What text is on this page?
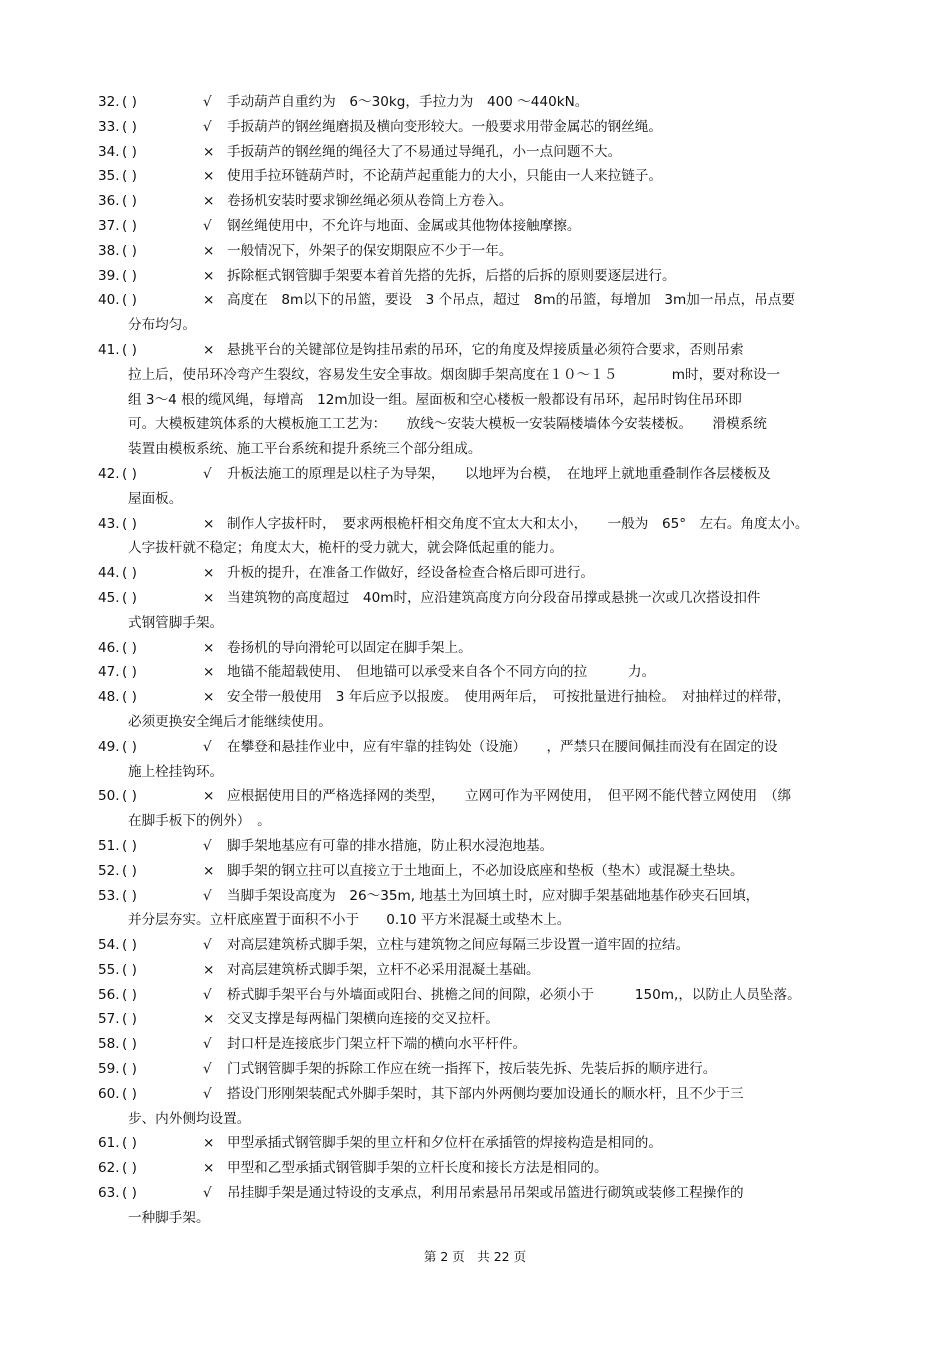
32. ( )	√ 手动葫芦自重约为　6～30kg，手拉力为　400 ～440kN。
33. ( )	√ 手扳葫芦的钢丝绳磨损及横向变形较大。一般要求用带金属芯的钢丝绳。
34. ( )	× 手扳葫芦的钢丝绳的绳径大了不易通过导绳孔，小一点问题不大。
35. ( )	× 使用手拉环链葫芦时，不论葫芦起重能力的大小，只能由一人来拉链子。
36. ( )	× 卷扬机安装时要求铆丝绳必须从卷筒上方卷入。
37. ( )	√ 钢丝绳使用中，不允许与地面、金属或其他物体接触摩擦。
38. ( )	× 一般情况下，外架子的保安期限应不少于一年。
39. ( )	× 拆除框式钢管脚手架要本着首先搭的先拆，后搭的后拆的原则要逐层进行。
40. ( )	× 高度在　8m以下的吊篮，要设　3 个吊点，超过　8m的吊篮，每增加　3m加一吊点，吊点要
分布均匀。
41. ( )	× 悬挑平台的关键部位是钩挂吊索的吊环，它的角度及焊接质量必须符合要求，否则吊索
拉上后，使吊环冷弯产生裂纹，容易发生安全事故。烟囱脚手架高度在１０～１５　　　　m时，要对称设一
组 3～4 根的缆风绳，每增高　12m加设一组。屋面板和空心楼板一般都设有吊环，起吊时钩住吊环即
可。大模板建筑体系的大模板施工工艺为：　　放线～安装大模板一安装隔楼墙体今安装楼板。　　滑模系统
装置由模板系统、施工平台系统和提升系统三个部分组成。
42. ( )	√ 升板法施工的原理是以柱子为导架，　　以地坪为台模，　在地坪上就地重叠制作各层楼板及
屋面板。
43. ( )	× 制作人字拔杆时，　要求两根桅杆相交角度不宜太大和太小，　　一般为　65°　左右。角度太小。
人字拔杆就不稳定；角度太大，桅杆的受力就大，就会降低起重的能力。
44. ( )	× 升板的提升，在准备工作做好，经设备检查合格后即可进行。
45. ( )	× 当建筑物的高度超过　40m时，应沿建筑高度方向分段奋吊撑或悬挑一次或几次搭设扣件
式钢管脚手架。
46. ( )	× 卷扬机的导向滑轮可以固定在脚手架上。
47. ( )	× 地锚不能超载使用、　但地锚可以承受来自各个不同方向的拉　　　力。
48. ( )	× 安全带一般使用　3 年后应予以报废。　使用两年后，　可按批量进行抽检。　对抽样过的样带，
必须更换安全绳后才能继续使用。
49. ( )	√ 在攀登和悬挂作业中，应有牢靠的挂钩处（设施）　　，严禁只在腰间佩挂而没有在固定的设
施上栓挂钩环。
50. ( )	× 应根据使用目的严格选择网的类型，　　立网可作为平网使用，　但平网不能代替立网使用　（绑
在脚手板下的例外）　。
51. ( )	√ 脚手架地基应有可靠的排水措施，防止积水浸泡地基。
52. ( )	× 脚手架的钢立拄可以直接立于土地面上，不必加设底座和垫板（垫木）或混凝土垫块。
53. ( )	√ 当脚手架设高度为　26～35m, 地基土为回填土时，应对脚手架基础地基作砂夹石回填，
并分层夯实。立杆底座置于面积不小于　　0.10 平方米混凝土或垫木上。
54. ( )	√ 对高层建筑桥式脚手架，立柱与建筑物之间应每隔三步设置一道牢固的拉结。
55. ( )	× 对高层建筑桥式脚手架，立杆不必采用混凝土基础。
56. ( )	√ 桥式脚手架平台与外墙面或阳台、挑檐之间的间隙，必须小于　　　150m,，以防止人员坠落。
57. ( )	× 交叉支撑是每两榀门架横向连接的交叉拉杆。
58. ( )	√ 封口杆是连接底步门架立杆下端的横向水平杆件。
59. ( )	√ 门式钢管脚手架的拆除工作应在统一指挥下，按后装先拆、先装后拆的顺序进行。
60. ( )	√ 搭设门形刚架装配式外脚手架时，其下部内外两侧均要加设通长的顺水杆，且不少于三
步、内外侧均设置。
61. ( )	× 甲型承插式钢管脚手架的里立杆和夕位杆在承插管的焊接构造是相同的。
62. ( )	× 甲型和乙型承插式钢管脚手架的立杆长度和接长方法是相同的。
63. ( )	√ 吊挂脚手架是通过特设的支承点，利用吊索悬吊吊架或吊篮进行砌筑或装修工程操作的
一种脚手架。
第 2 页　共 22 页
